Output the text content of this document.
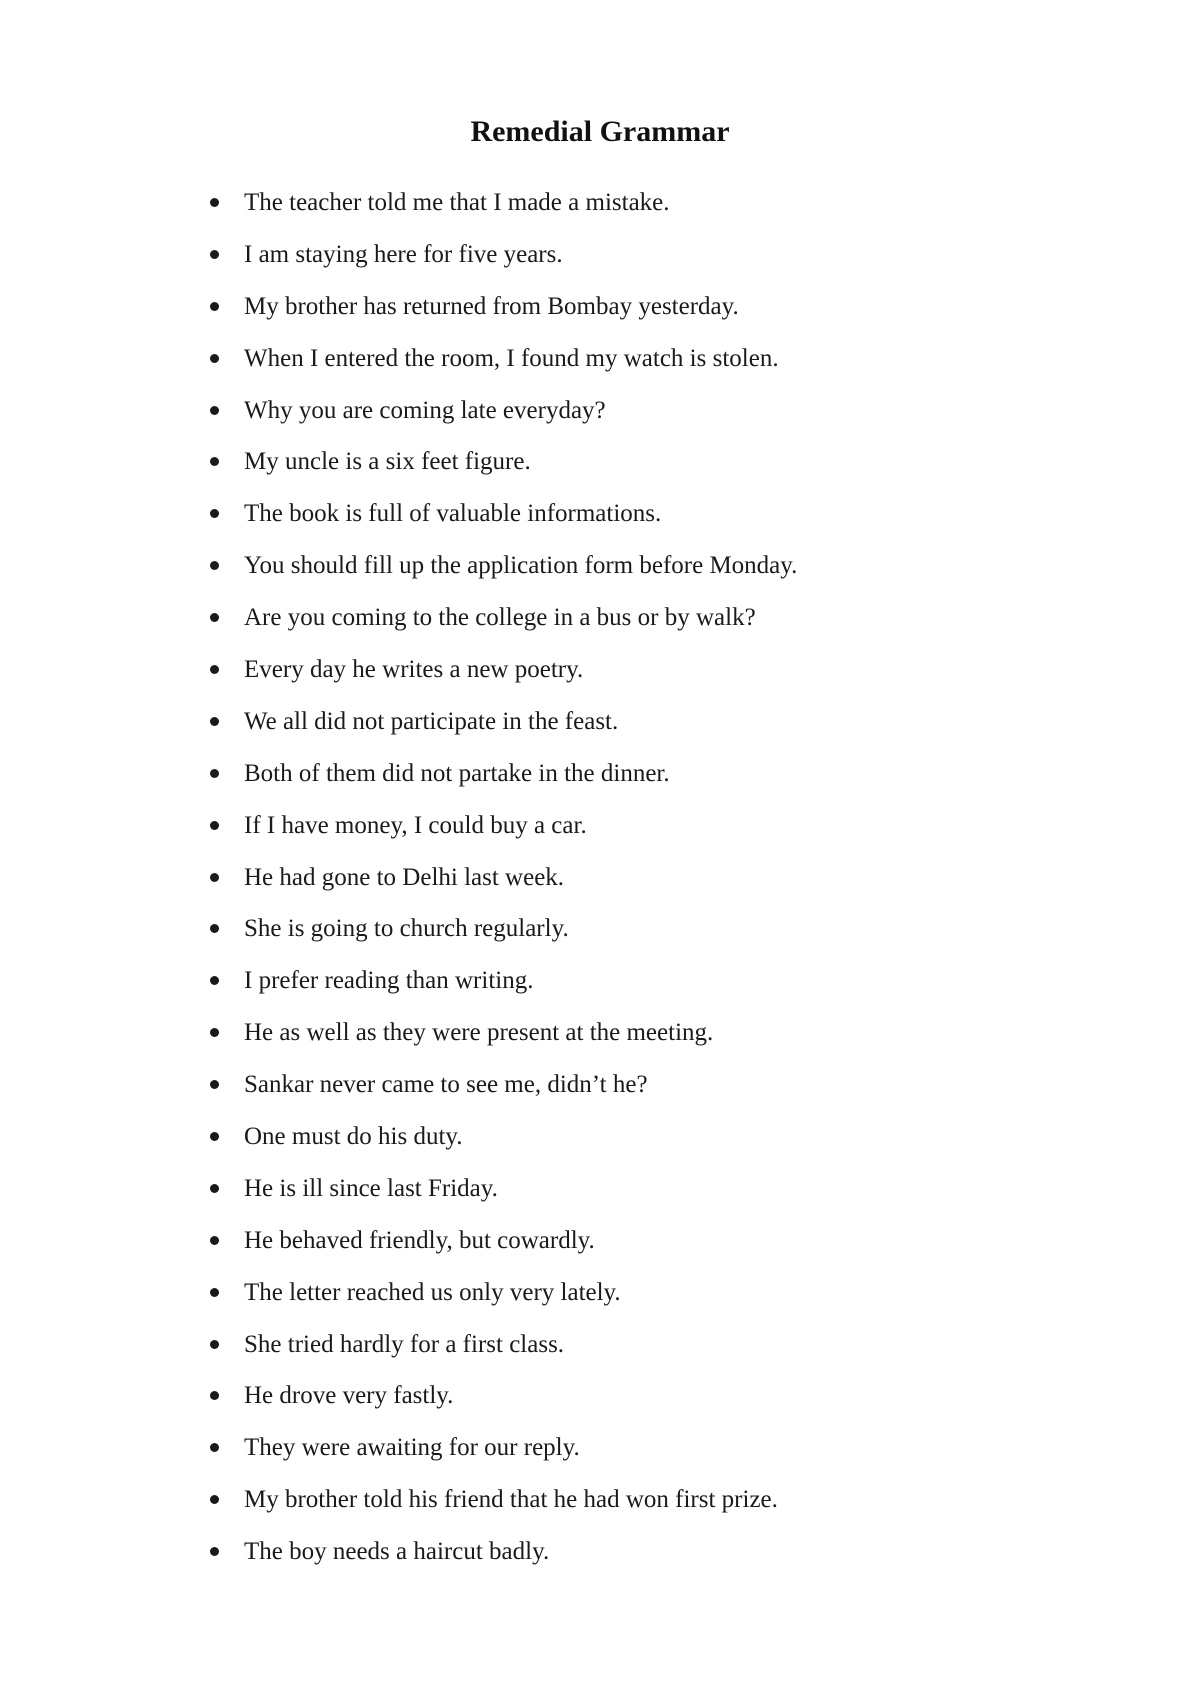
Remedial Grammar
The teacher told me that I made a mistake.
I am staying here for five years.
My brother has returned from Bombay yesterday.
When I entered the room, I found my watch is stolen.
Why you are coming late everyday?
My uncle is a six feet figure.
The book is full of valuable informations.
You should fill up the application form before Monday.
Are you coming to the college in a bus or by walk?
Every day he writes a new poetry.
We all did not participate in the feast.
Both of them did not partake in the dinner.
If I have money, I could buy a car.
He had gone to Delhi last week.
She is going to church regularly.
I prefer reading than writing.
He as well as they were present at the meeting.
Sankar never came to see me, didn’t he?
One must do his duty.
He is ill since last Friday.
He behaved friendly, but cowardly.
The letter reached us only very lately.
She tried hardly for a first class.
He drove very fastly.
They were awaiting for our reply.
My brother told his friend that he had won first prize.
The boy needs a haircut badly.
